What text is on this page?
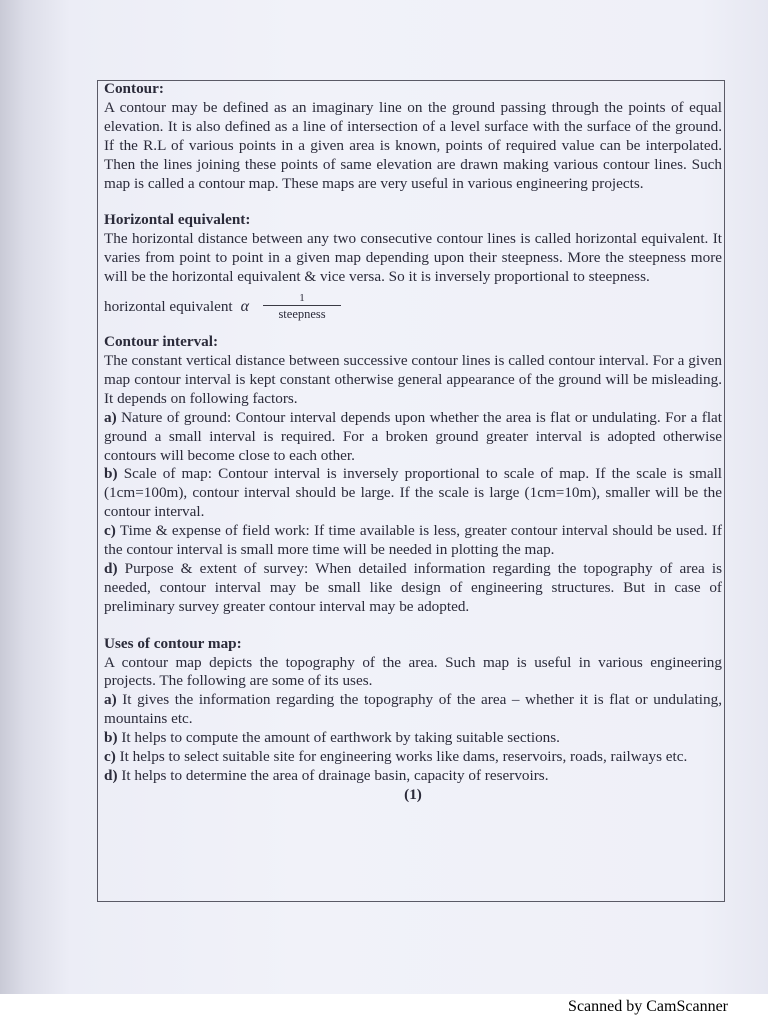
Contour:

A contour may be defined as an imaginary line on the ground passing through the points of equal elevation. It is also defined as a line of intersection of a level surface with the surface of the ground. If the R.L of various points in a given area is known, points of required value can be interpolated. Then the lines joining these points of same elevation are drawn making various contour lines. Such map is called a contour map. These maps are very useful in various engineering projects.

Horizontal equivalent:

The horizontal distance between any two consecutive contour lines is called horizontal equivalent. It varies from point to point in a given map depending upon their steepness. More the steepness more will be the horizontal equivalent & vice versa. So it is inversely proportional to steepness.

horizontal equivalent α $\frac{1}{\text{steepness}}$

Contour interval:

The constant vertical distance between successive contour lines is called contour interval. For a given map contour interval is kept constant otherwise general appearance of the ground will be misleading. It depends on following factors.

a) Nature of ground: Contour interval depends upon whether the area is flat or undulating. For a flat ground a small interval is required. For a broken ground greater interval is adopted otherwise contours will become close to each other.

b) Scale of map: Contour interval is inversely proportional to scale of map. If the scale is small (1cm=100m), contour interval should be large. If the scale is large (1cm=10m), smaller will be the contour interval.

c) Time & expense of field work: If time available is less, greater contour interval should be used. If the contour interval is small more time will be needed in plotting the map.

d) Purpose & extent of survey: When detailed information regarding the topography of area is needed, contour interval may be small like design of engineering structures. But in case of preliminary survey greater contour interval may be adopted.

Uses of contour map:

A contour map depicts the topography of the area. Such map is useful in various engineering projects. The following are some of its uses.

a) It gives the information regarding the topography of the area – whether it is flat or undulating, mountains etc.

b) It helps to compute the amount of earthwork by taking suitable sections.

c) It helps to select suitable site for engineering works like dams, reservoirs, roads, railways etc.

d) It helps to determine the area of drainage basin, capacity of reservoirs.

(1)

Scanned by CamScanner
